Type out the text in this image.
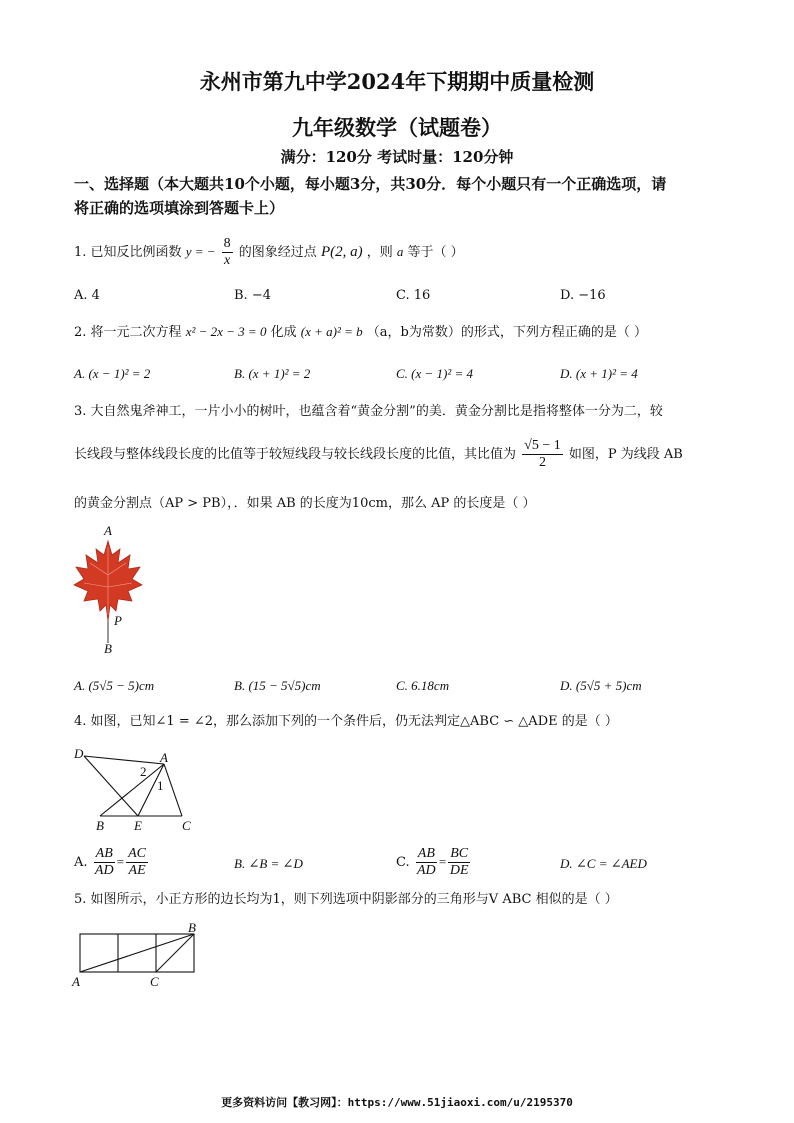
永州市第九中学2024年下期期中质量检测
九年级数学（试题卷）
满分：120分 考试时量：120分钟
一、选择题（本大题共10个小题，每小题3分，共30分．每个小题只有一个正确选项，请
将正确的选项填涂到答题卡上）
1. 已知反比例函数 y = − $\frac{8}{x}$ 的图象经过点 P(2, a) ，则 a 等于（ ）
A. 4	B. −4	C. 16	D. −16
2. 将一元二次方程 x² − 2x − 3 = 0 化成 (x + a)² = b （a，b为常数）的形式，下列方程正确的是（ ）
A. (x − 1)² = 2	B. (x + 1)² = 2	C. (x − 1)² = 4	D. (x + 1)² = 4
3. 大自然鬼斧神工，一片小小的树叶，也蕴含着“黄金分割”的美．黄金分割比是指将整体一分为二，较
长线段与整体线段长度的比值等于较短线段与较长线段长度的比值，其比值为 $\frac{√5 - 1}{2}$ 如图，P 为线段 AB
的黄金分割点（AP > PB），．如果 AB 的长度为10cm，那么 AP 的长度是（ ）
A
P
B
A. (5√5 − 5)cm	B. (15 − 5√5)cm	C. 6.18cm	D. (5√5 + 5)cm
4. 如图，已知∠1 = ∠2，那么添加下列的一个条件后，仍无法判定△ABC ∽ △ADE 的是（ ）
D	A
2
1
B E	C
A. $\frac{AB}{AD} = \frac{AC}{AE}$	B. ∠B = ∠D	C. $\frac{AB}{AD} = \frac{BC}{DE}$	D. ∠C = ∠AED
5. 如图所示，小正方形的边长均为1，则下列选项中阴影部分的三角形与V ABC 相似的是（ ）
B
A	C
更多资料访问【教习网】：https://www.51jiaoxi.com/u/2195370
